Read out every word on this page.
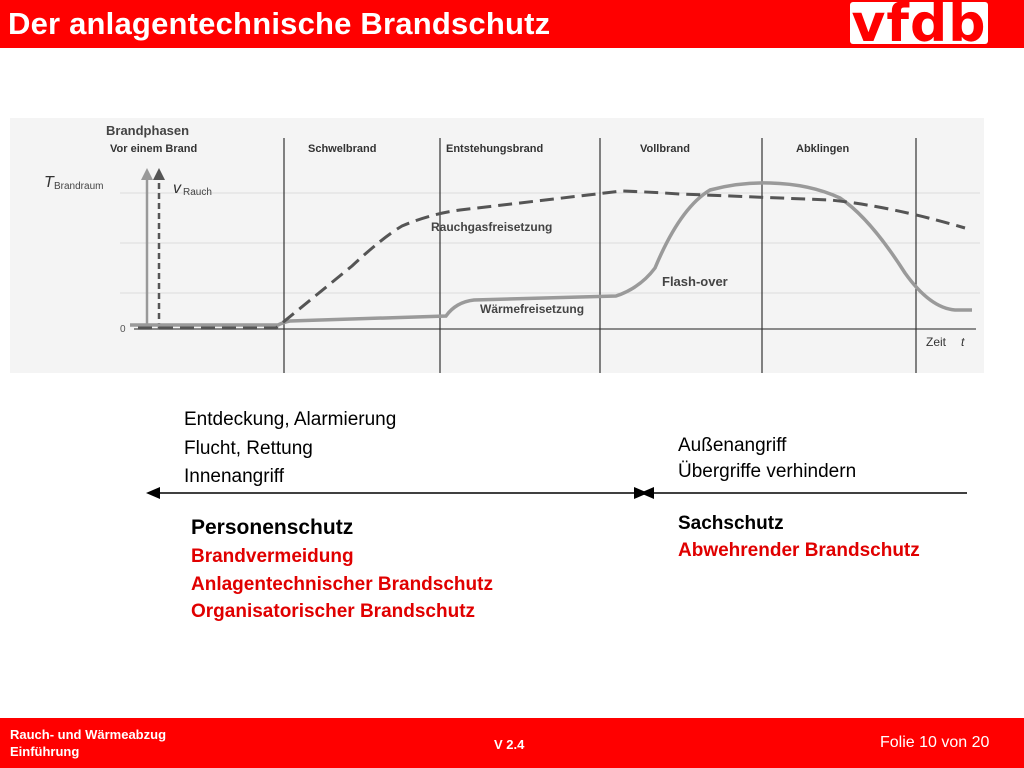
Der anlagentechnische Brandschutz	vfdb
Brandphasen
Vor einem Brand	Schwelbrand	Entstehungsbrand	Vollbrand	Abklingen
T Brandraum	v Rauch
Rauchgasfreisetzung
Wärmefreisetzung
Flash-over
0
Zeit t
Entdeckung, Alarmierung
Flucht, Rettung
Innenangriff
Außenangriff
Übergriffe verhindern
Personenschutz
Brandvermeidung
Anlagentechnischer Brandschutz
Organisatorischer Brandschutz
Sachschutz
Abwehrender Brandschutz
Rauch- und Wärmeabzug
Einführung	V 2.4	Folie 10 von 20
